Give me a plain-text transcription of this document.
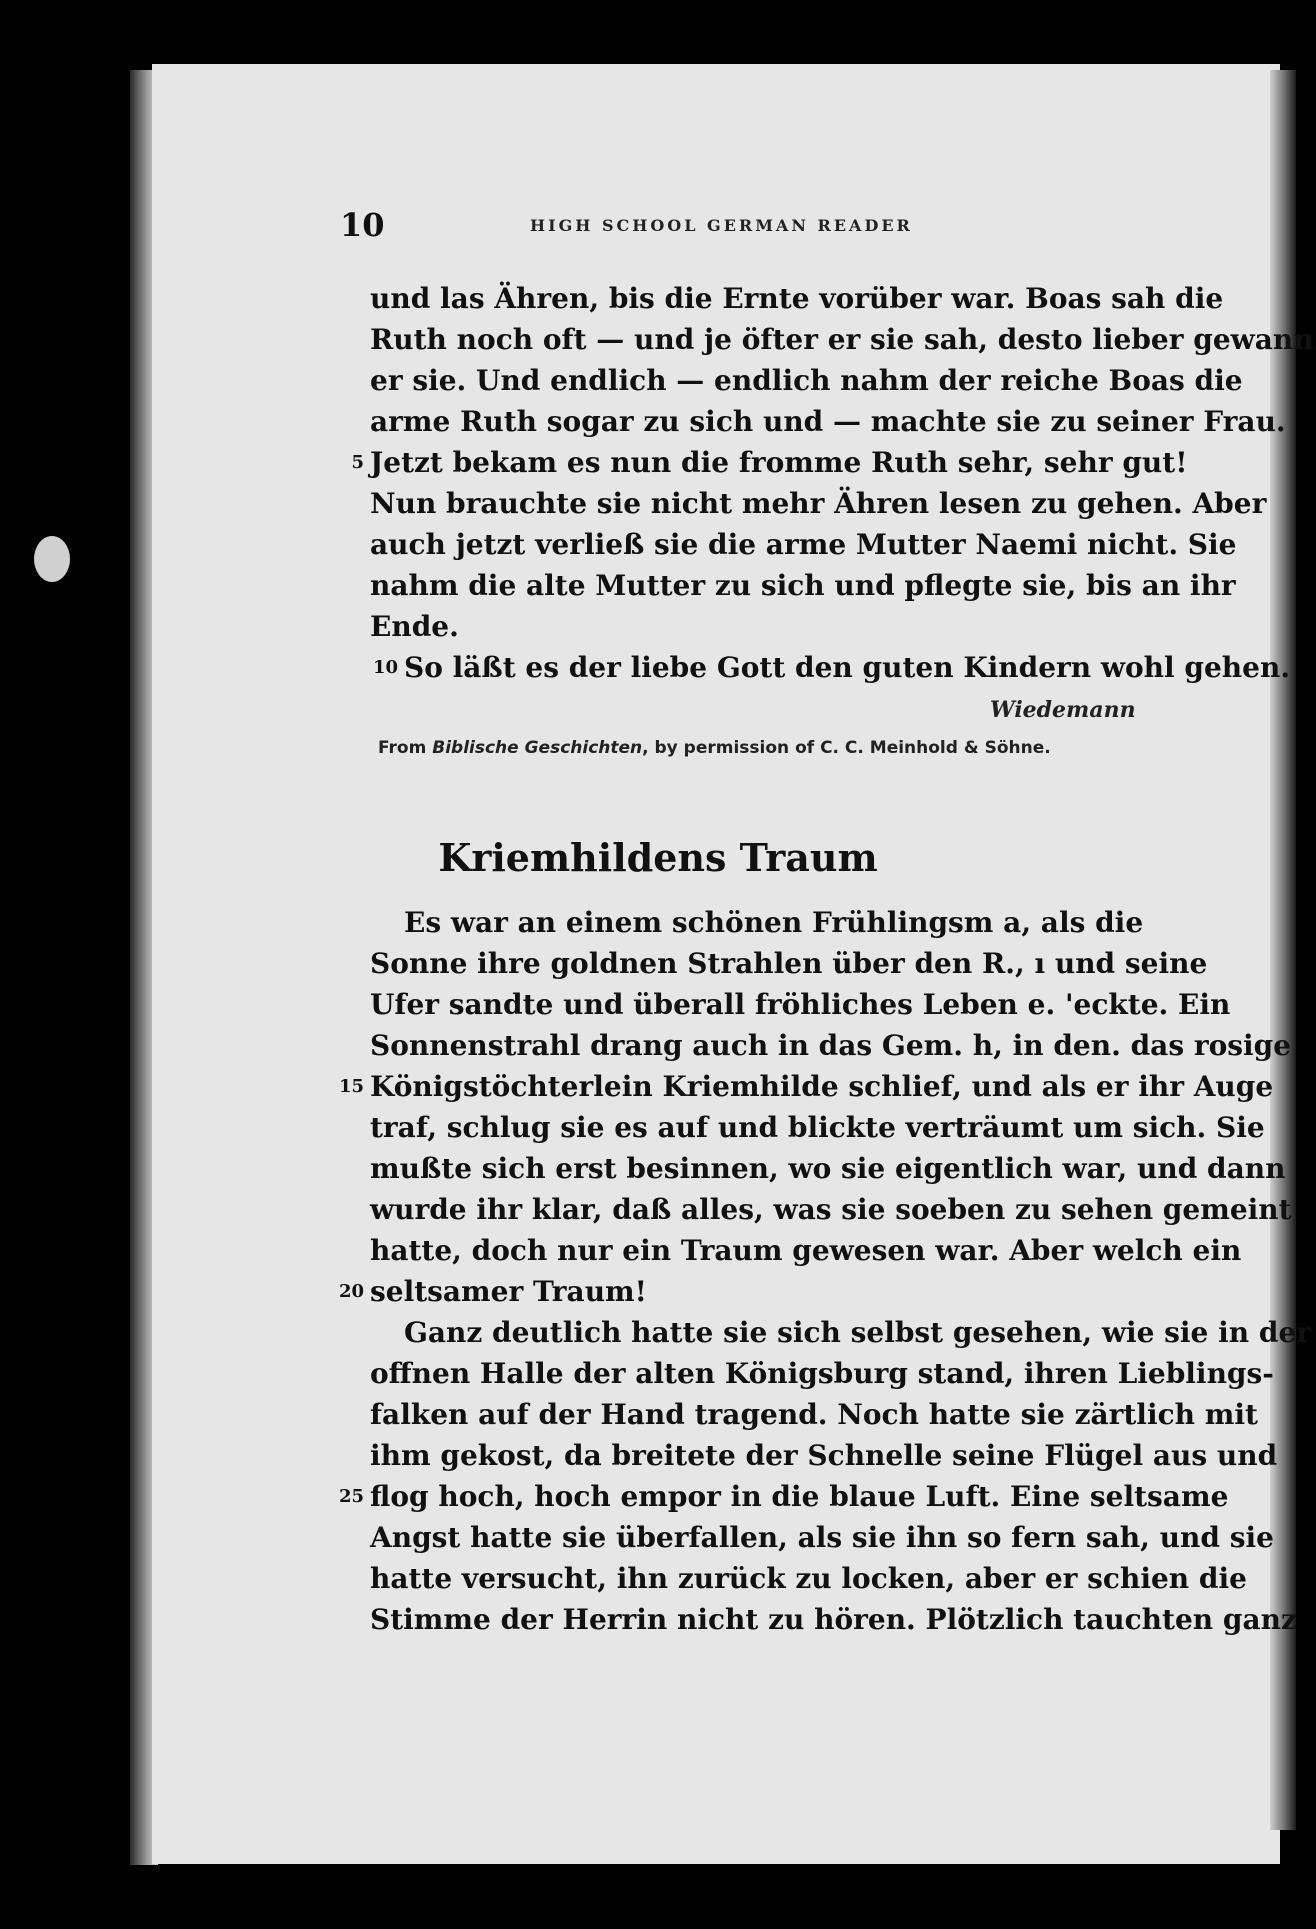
10	HIGH SCHOOL GERMAN READER
und las Ähren, bis die Ernte vorüber war. Boas sah die
Ruth noch oft — und je öfter er sie sah, desto lieber gewann
er sie. Und endlich — endlich nahm der reiche Boas die
arme Ruth sogar zu sich und — machte sie zu seiner Frau.
5 Jetzt bekam es nun die fromme Ruth sehr, sehr gut!
Nun brauchte sie nicht mehr Ähren lesen zu gehen. Aber
auch jetzt verließ sie die arme Mutter Naemi nicht. Sie
nahm die alte Mutter zu sich und pflegte sie, bis an ihr
Ende.
10 So läßt es der liebe Gott den guten Kindern wohl gehen.
Wiedemann
From Biblische Geschichten, by permission of C. C. Meinhold & Söhne.
Kriemhildens Traum
Es war an einem schönen Frühlingsm a, als die
Sonne ihre goldnen Strahlen über den R., ı und seine
Ufer sandte und überall fröhliches Leben e. 'eckte. Ein
Sonnenstrahl drang auch in das Gem. h, in den. das rosige
15 Königstöchterlein Kriemhilde schlief, und als er ihr Auge
traf, schlug sie es auf und blickte verträumt um sich. Sie
mußte sich erst besinnen, wo sie eigentlich war, und dann
wurde ihr klar, daß alles, was sie soeben zu sehen gemeint
hatte, doch nur ein Traum gewesen war. Aber welch ein
20 seltsamer Traum!
Ganz deutlich hatte sie sich selbst gesehen, wie sie in der
offnen Halle der alten Königsburg stand, ihren Lieblings-
falken auf der Hand tragend. Noch hatte sie zärtlich mit
ihm gekost, da breitete der Schnelle seine Flügel aus und
25 flog hoch, hoch empor in die blaue Luft. Eine seltsame
Angst hatte sie überfallen, als sie ihn so fern sah, und sie
hatte versucht, ihn zurück zu locken, aber er schien die
Stimme der Herrin nicht zu hören. Plötzlich tauchten ganz
